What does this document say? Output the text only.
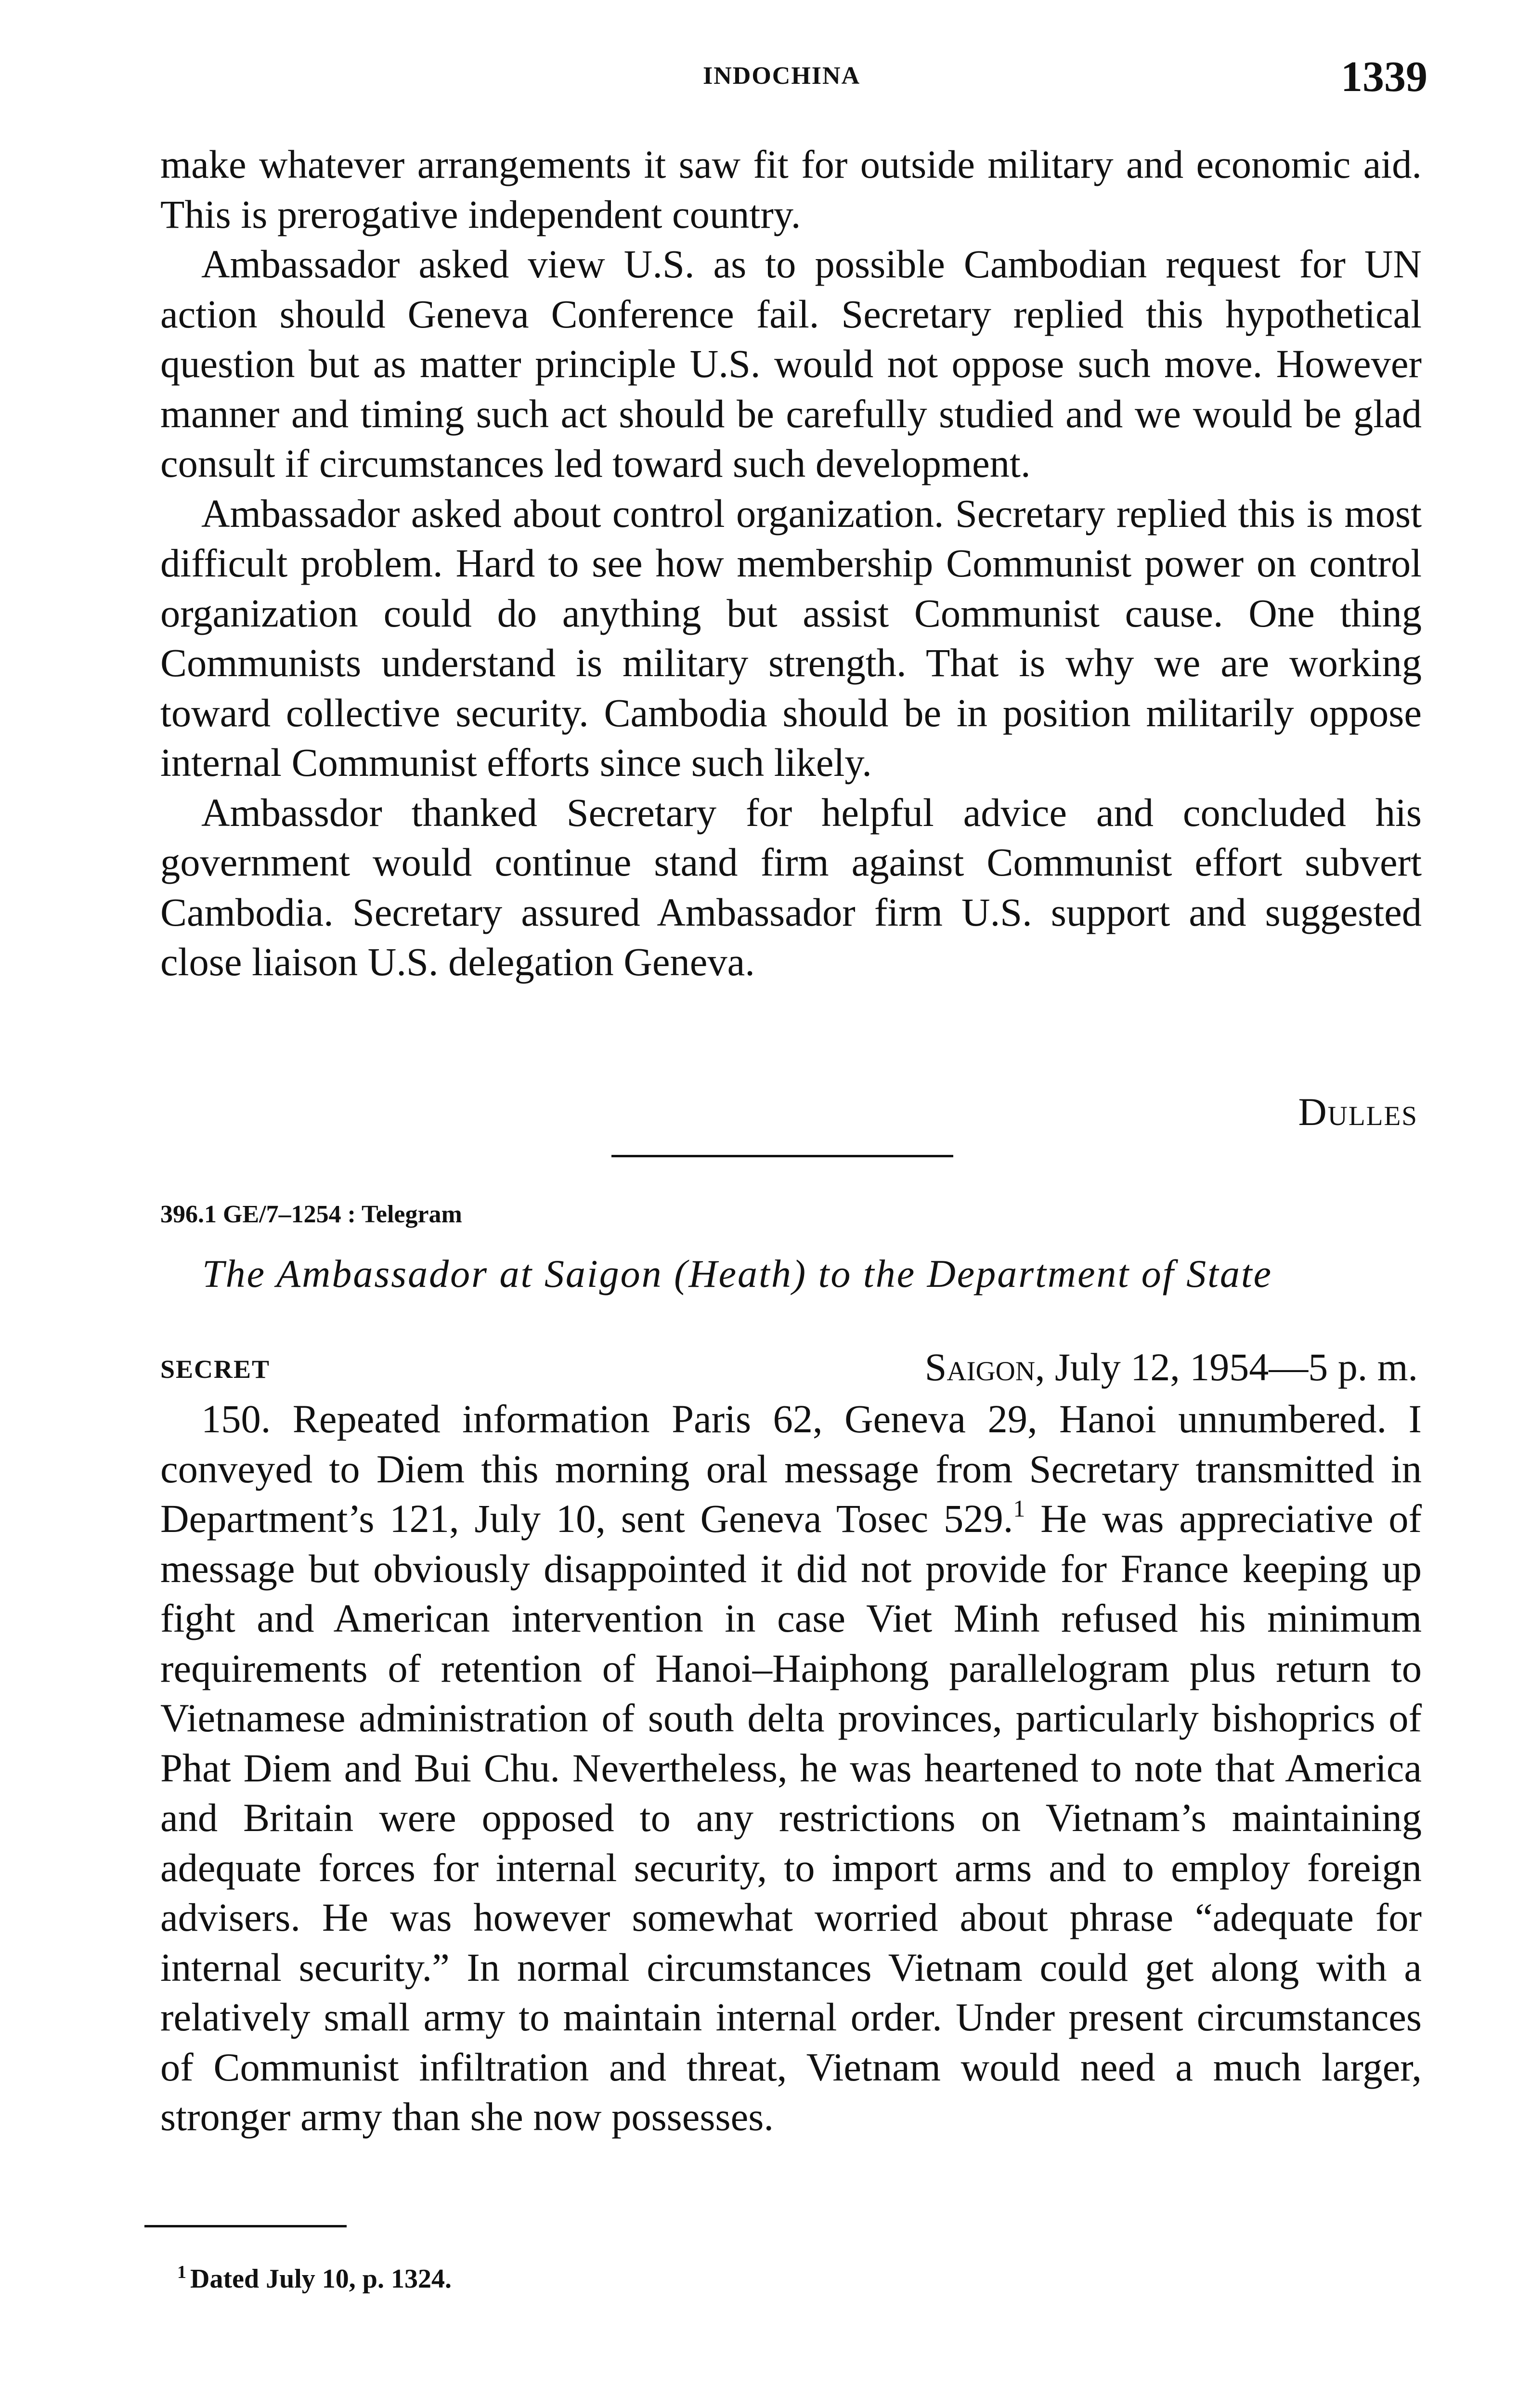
INDOCHINA	1339

make whatever arrangements it saw fit for outside military and economic aid. This is prerogative independent country.

Ambassador asked view U.S. as to possible Cambodian request for UN action should Geneva Conference fail. Secretary replied this hypothetical question but as matter principle U.S. would not oppose such move. However manner and timing such act should be carefully studied and we would be glad consult if circumstances led toward such development.

Ambassador asked about control organization. Secretary replied this is most difficult problem. Hard to see how membership Communist power on control organization could do anything but assist Communist cause. One thing Communists understand is military strength. That is why we are working toward collective security. Cambodia should be in position militarily oppose internal Communist efforts since such likely.

Ambassdor thanked Secretary for helpful advice and concluded his government would continue stand firm against Communist effort subvert Cambodia. Secretary assured Ambassador firm U.S. support and suggested close liaison U.S. delegation Geneva.

Dulles
396.1 GE/7–1254 : Telegram
The Ambassador at Saigon (Heath) to the Department of State
SECRET	Saigon, July 12, 1954—5 p. m.

150. Repeated information Paris 62, Geneva 29, Hanoi unnumbered. I conveyed to Diem this morning oral message from Secretary transmitted in Department’s 121, July 10, sent Geneva Tosec 529.$^1$ He was appreciative of message but obviously disappointed it did not provide for France keeping up fight and American intervention in case Viet Minh refused his minimum requirements of retention of Hanoi–Haiphong parallelogram plus return to Vietnamese administration of south delta provinces, particularly bishoprics of Phat Diem and Bui Chu. Nevertheless, he was heartened to note that America and Britain were opposed to any restrictions on Vietnam’s maintaining adequate forces for internal security, to import arms and to employ foreign advisers. He was however somewhat worried about phrase “adequate for internal security.” In normal circumstances Vietnam could get along with a relatively small army to maintain internal order. Under present circumstances of Communist infiltration and threat, Vietnam would need a much larger, stronger army than she now possesses.

$^1$ Dated July 10, p. 1324.
